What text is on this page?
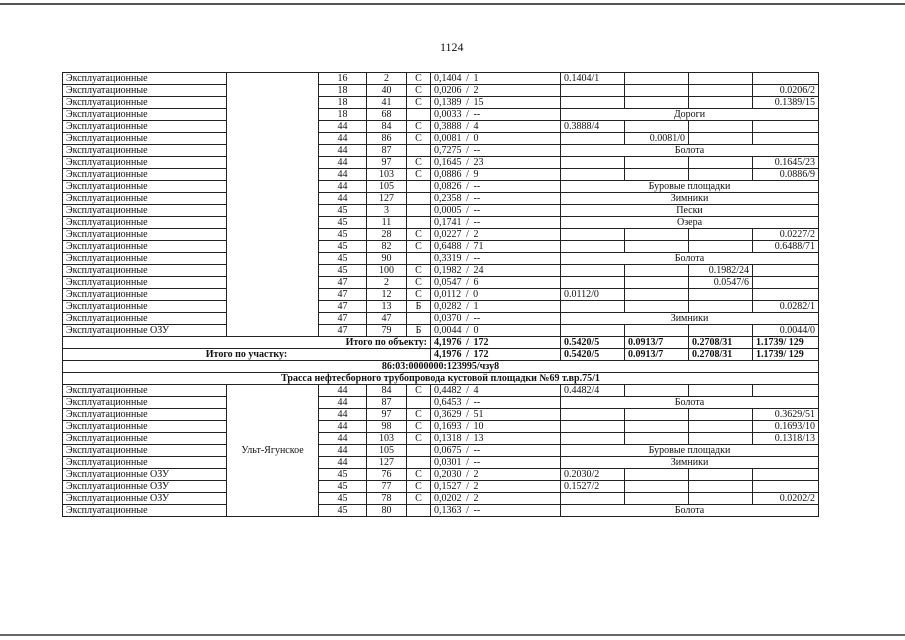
1124
Эксплуатационные		16	2	С	0,1404 / 1	0.1404/1			
Эксплуатационные		18	40	С	0,0206 / 2				0.0206/2
Эксплуатационные		18	41	С	0,1389 / 15				0.1389/15
Эксплуатационные		18	68		0,0033 / --	Дороги			
Эксплуатационные		44	84	С	0,3888 / 4	0.3888/4			
Эксплуатационные		44	86	С	0,0081 / 0		0.0081/0		
Эксплуатационные		44	87		0,7275 / --	Болота			
Эксплуатационные		44	97	С	0,1645 / 23				0.1645/23
Эксплуатационные		44	103	С	0,0886 / 9				0.0886/9
Эксплуатационные		44	105		0,0826 / --	Буровые площадки			
Эксплуатационные		44	127		0,2358 / --	Зимники			
Эксплуатационные		45	3		0,0005 / --	Пески			
Эксплуатационные		45	11		0,1741 / --	Озера			
Эксплуатационные		45	28	С	0,0227 / 2				0.0227/2
Эксплуатационные		45	82	С	0,6488 / 71				0.6488/71
Эксплуатационные		45	90		0,3319 / --	Болота			
Эксплуатационные		45	100	С	0,1982 / 24			0.1982/24	
Эксплуатационные		47	2	С	0,0547 / 6			0.0547/6	
Эксплуатационные		47	12	С	0,0112 / 0	0.0112/0			
Эксплуатационные		47	13	Б	0,0282 / 1				0.0282/1
Эксплуатационные		47	47		0,0370 / --	Зимники			
Эксплуатационные ОЗУ		47	79	Б	0,0044 / 0				0.0044/0
Итого по объекту:					4,1976 / 172	0.5420/5	0.0913/7	0.2708/31	1.1739/ 129
Итого по участку:					4,1976 / 172	0.5420/5	0.0913/7	0.2708/31	1.1739/ 129
86:03:0000000:123995/чзу8									
Трасса нефтесборного трубопровода кустовой площадки №69 т.вр.75/1									
Эксплуатационные	Ульт-Ягунское	44	84	С	0,4482 / 4	0.4482/4			
Эксплуатационные		44	87		0,6453 / --	Болота			
Эксплуатационные		44	97	С	0,3629 / 51				0.3629/51
Эксплуатационные		44	98	С	0,1693 / 10				0.1693/10
Эксплуатационные		44	103	С	0,1318 / 13				0.1318/13
Эксплуатационные		44	105		0,0675 / --	Буровые площадки			
Эксплуатационные		44	127		0,0301 / --	Зимники			
Эксплуатационные ОЗУ		45	76	С	0,2030 / 2	0.2030/2			
Эксплуатационные ОЗУ		45	77	С	0,1527 / 2	0.1527/2			
Эксплуатационные ОЗУ		45	78	С	0,0202 / 2				0.0202/2
Эксплуатационные		45	80		0,1363 / --	Болота			
